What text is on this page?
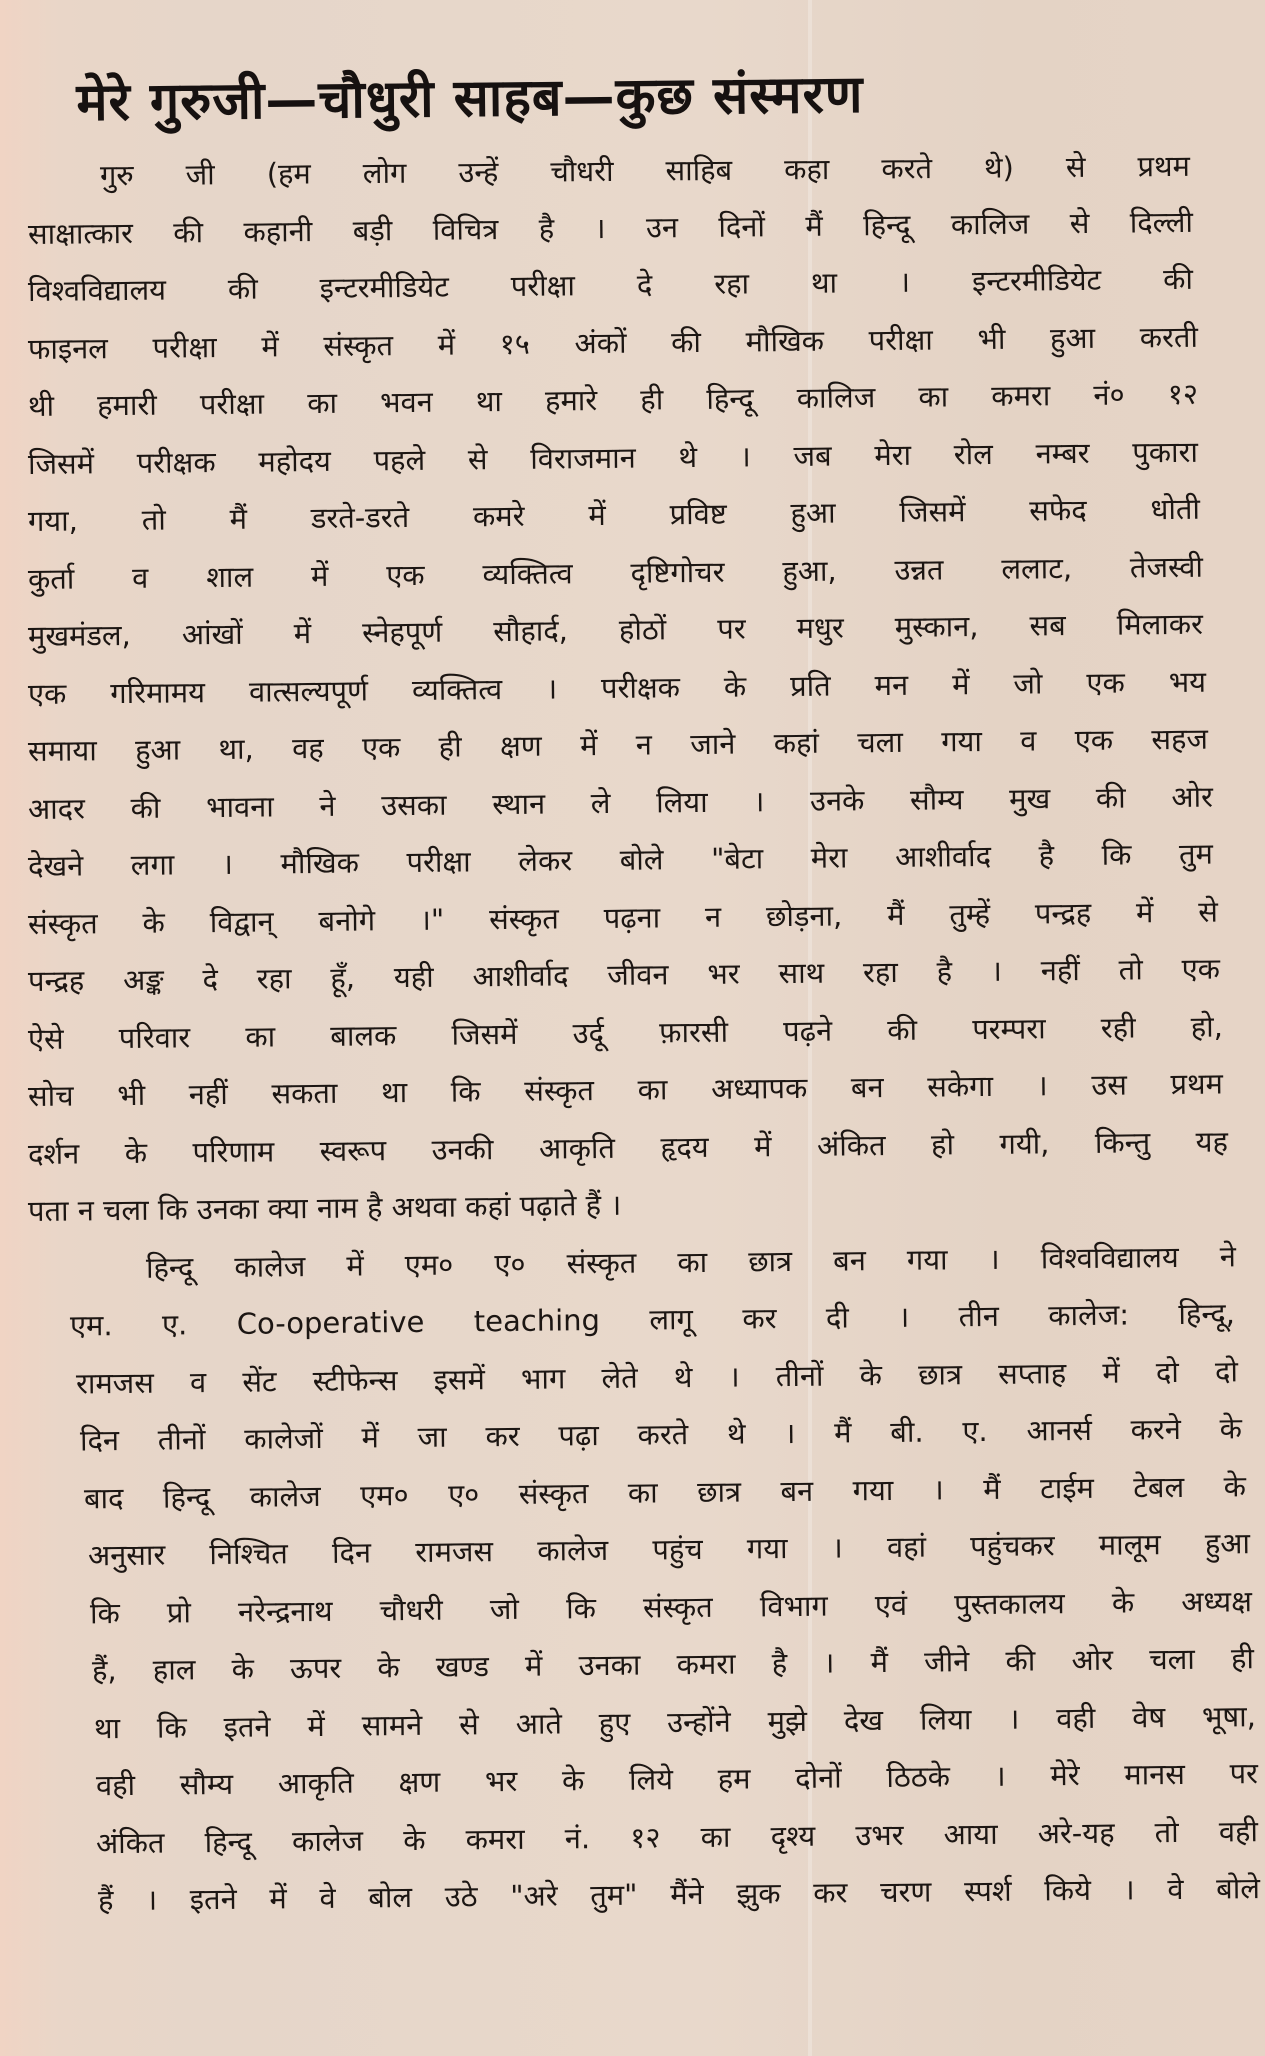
मेरे गुरुजी—चौधुरी साहब—कुछ संस्मरण
गुरु जी (हम लोग उन्हें चौधरी साहिब कहा करते थे) से प्रथम
साक्षात्कार की कहानी बड़ी विचित्र है । उन दिनों मैं हिन्दू कालिज से दिल्ली
विश्वविद्यालय की इन्टरमीडियेट परीक्षा दे रहा था । इन्टरमीडियेट की
फाइनल परीक्षा में संस्कृत में १५ अंकों की मौखिक परीक्षा भी हुआ करती
थी हमारी परीक्षा का भवन था हमारे ही हिन्दू कालिज का कमरा नं० १२
जिसमें परीक्षक महोदय पहले से विराजमान थे । जब मेरा रोल नम्बर पुकारा
गया, तो मैं डरते-डरते कमरे में प्रविष्ट हुआ जिसमें सफेद धोती
कुर्ता व शाल में एक व्यक्तित्व दृष्टिगोचर हुआ, उन्नत ललाट, तेजस्वी
मुखमंडल, आंखों में स्नेहपूर्ण सौहार्द, होठों पर मधुर मुस्कान, सब मिलाकर
एक गरिमामय वात्सल्यपूर्ण व्यक्तित्व । परीक्षक के प्रति मन में जो एक भय
समाया हुआ था, वह एक ही क्षण में न जाने कहां चला गया व एक सहज
आदर की भावना ने उसका स्थान ले लिया । उनके सौम्य मुख की ओर
देखने लगा । मौखिक परीक्षा लेकर बोले "बेटा मेरा आशीर्वाद है कि तुम
संस्कृत के विद्वान् बनोगे ।" संस्कृत पढ़ना न छोड़ना, मैं तुम्हें पन्द्रह में से
पन्द्रह अङ्क दे रहा हूँ, यही आशीर्वाद जीवन भर साथ रहा है । नहीं तो एक
ऐसे परिवार का बालक जिसमें उर्दू फ़ारसी पढ़ने की परम्परा रही हो,
सोच भी नहीं सकता था कि संस्कृत का अध्यापक बन सकेगा । उस प्रथम
दर्शन के परिणाम स्वरूप उनकी आकृति हृदय में अंकित हो गयी, किन्तु यह
पता न चला कि उनका क्या नाम है अथवा कहां पढ़ाते हैं ।
हिन्दू कालेज में एम० ए० संस्कृत का छात्र बन गया । विश्वविद्यालय ने
एम. ए. Co-operative teaching लागू कर दी । तीन कालेज: हिन्दू,
रामजस व सेंट स्टीफेन्स इसमें भाग लेते थे । तीनों के छात्र सप्ताह में दो दो
दिन तीनों कालेजों में जा कर पढ़ा करते थे । मैं बी. ए. आनर्स करने के
बाद हिन्दू कालेज एम० ए० संस्कृत का छात्र बन गया । मैं टाईम टेबल के
अनुसार निश्चित दिन रामजस कालेज पहुंच गया । वहां पहुंचकर मालूम हुआ
कि प्रो नरेन्द्रनाथ चौधरी जो कि संस्कृत विभाग एवं पुस्तकालय के अध्यक्ष
हैं, हाल के ऊपर के खण्ड में उनका कमरा है । मैं जीने की ओर चला ही
था कि इतने में सामने से आते हुए उन्होंने मुझे देख लिया । वही वेष भूषा,
वही सौम्य आकृति क्षण भर के लिये हम दोनों ठिठके । मेरे मानस पर
अंकित हिन्दू कालेज के कमरा नं. १२ का दृश्य उभर आया अरे-यह तो वही
हैं । इतने में वे बोल उठे "अरे तुम" मैंने झुक कर चरण स्पर्श किये । वे बोले
